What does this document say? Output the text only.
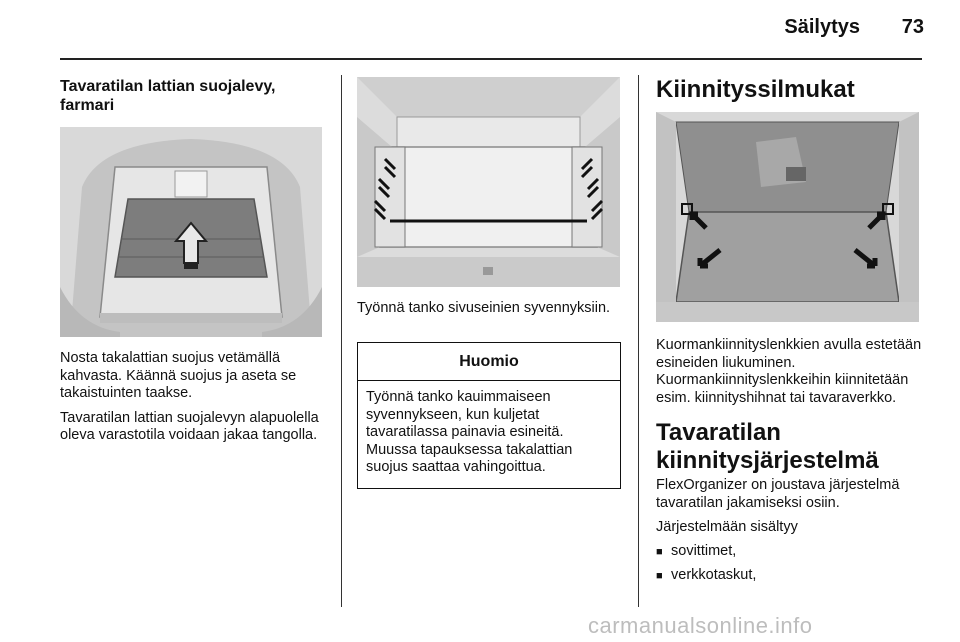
Säilytys	73
Tavaratilan lattian suojalevy, farmari

Nosta takalattian suojus vetämällä kahvasta. Käännä suojus ja aseta se takaistuinten taakse.

Tavaratilan lattian suojalevyn alapuolella oleva varastotila voidaan jakaa tangolla.

Työnnä tanko sivuseinien syvennyksiin.

Huomio
Työnnä tanko kauimmaiseen syvennykseen, kun kuljetat tavaratilassa painavia esineitä. Muussa tapauksessa takalattian suojus saattaa vahingoittua.
Kiinnityssilmukat

Kuormankiinnityslenkkien avulla estetään esineiden liukuminen. Kuormankiinnityslenkkeihin kiinnitetään esim. kiinnityshihnat tai tavaraverkko.

Tavaratilan kiinnitysjärjestelmä

FlexOrganizer on joustava järjestelmä tavaratilan jakamiseksi osiin.

Järjestelmään sisältyy

■ sovittimet,
■ verkkotaskut,
carmanualsonline.info
